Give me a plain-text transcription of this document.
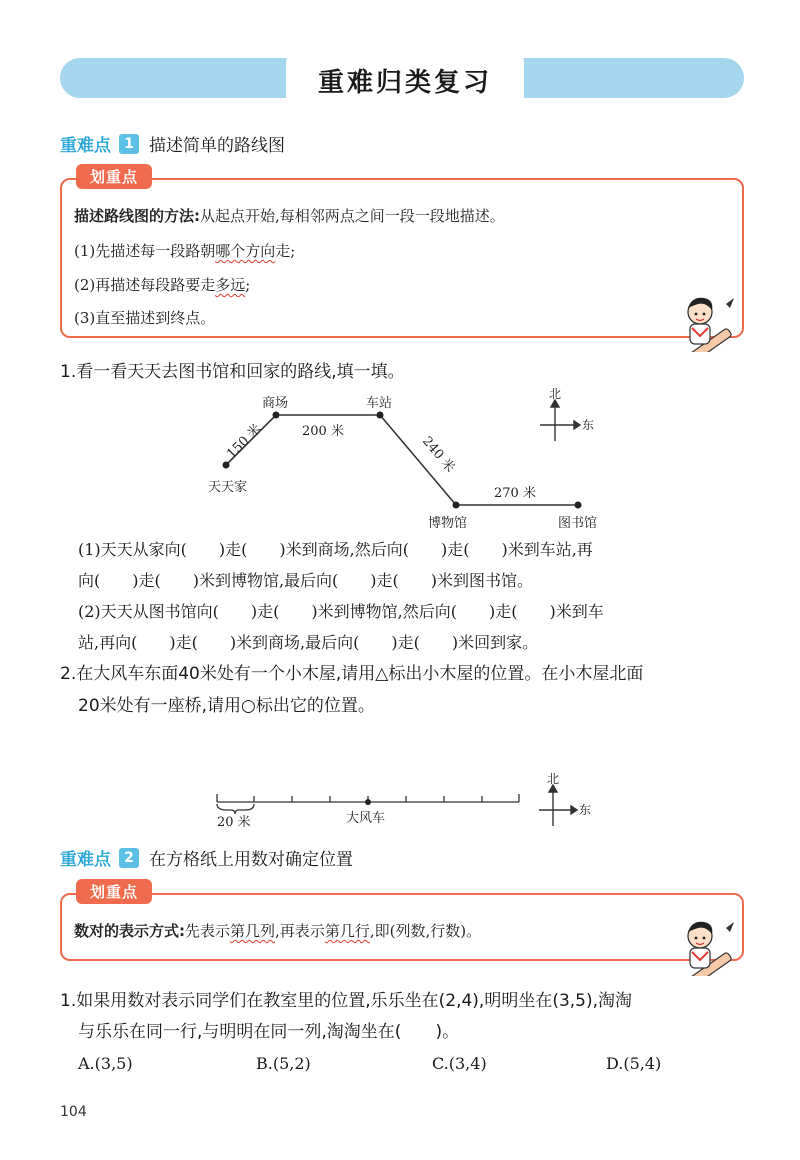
重难归类复习
重难点 1 描述简单的路线图
划重点
描述路线图的方法:从起点开始,每相邻两点之间一段一段地描述。
(1)先描述每一段路朝哪个方向走;
(2)再描述每段路要走多远;
(3)直至描述到终点。
1.看一看天天去图书馆和回家的路线,填一填。
天天家
商场	车站
博物馆	图书馆
150 米	200 米
240 米
270 米
北
东
(1)天天从家向(　　)走(　　)米到商场,然后向(　　)走(　　)米到车站,再
向(　　)走(　　)米到博物馆,最后向(　　)走(　　)米到图书馆。
(2)天天从图书馆向(　　)走(　　)米到博物馆,然后向(　　)走(　　)米到车
站,再向(　　)走(　　)米到商场,最后向(　　)走(　　)米回到家。
2.在大风车东面40米处有一个小木屋,请用△标出小木屋的位置。在小木屋北面
20米处有一座桥,请用○标出它的位置。
20 米	大风车
北
东
重难点 2 在方格纸上用数对确定位置
划重点
数对的表示方式:先表示第几列,再表示第几行,即(列数,行数)。
1.如果用数对表示同学们在教室里的位置,乐乐坐在(2,4),明明坐在(3,5),淘淘
与乐乐在同一行,与明明在同一列,淘淘坐在(　　)。
A.(3,5)	B.(5,2)	C.(3,4)	D.(5,4)
104
